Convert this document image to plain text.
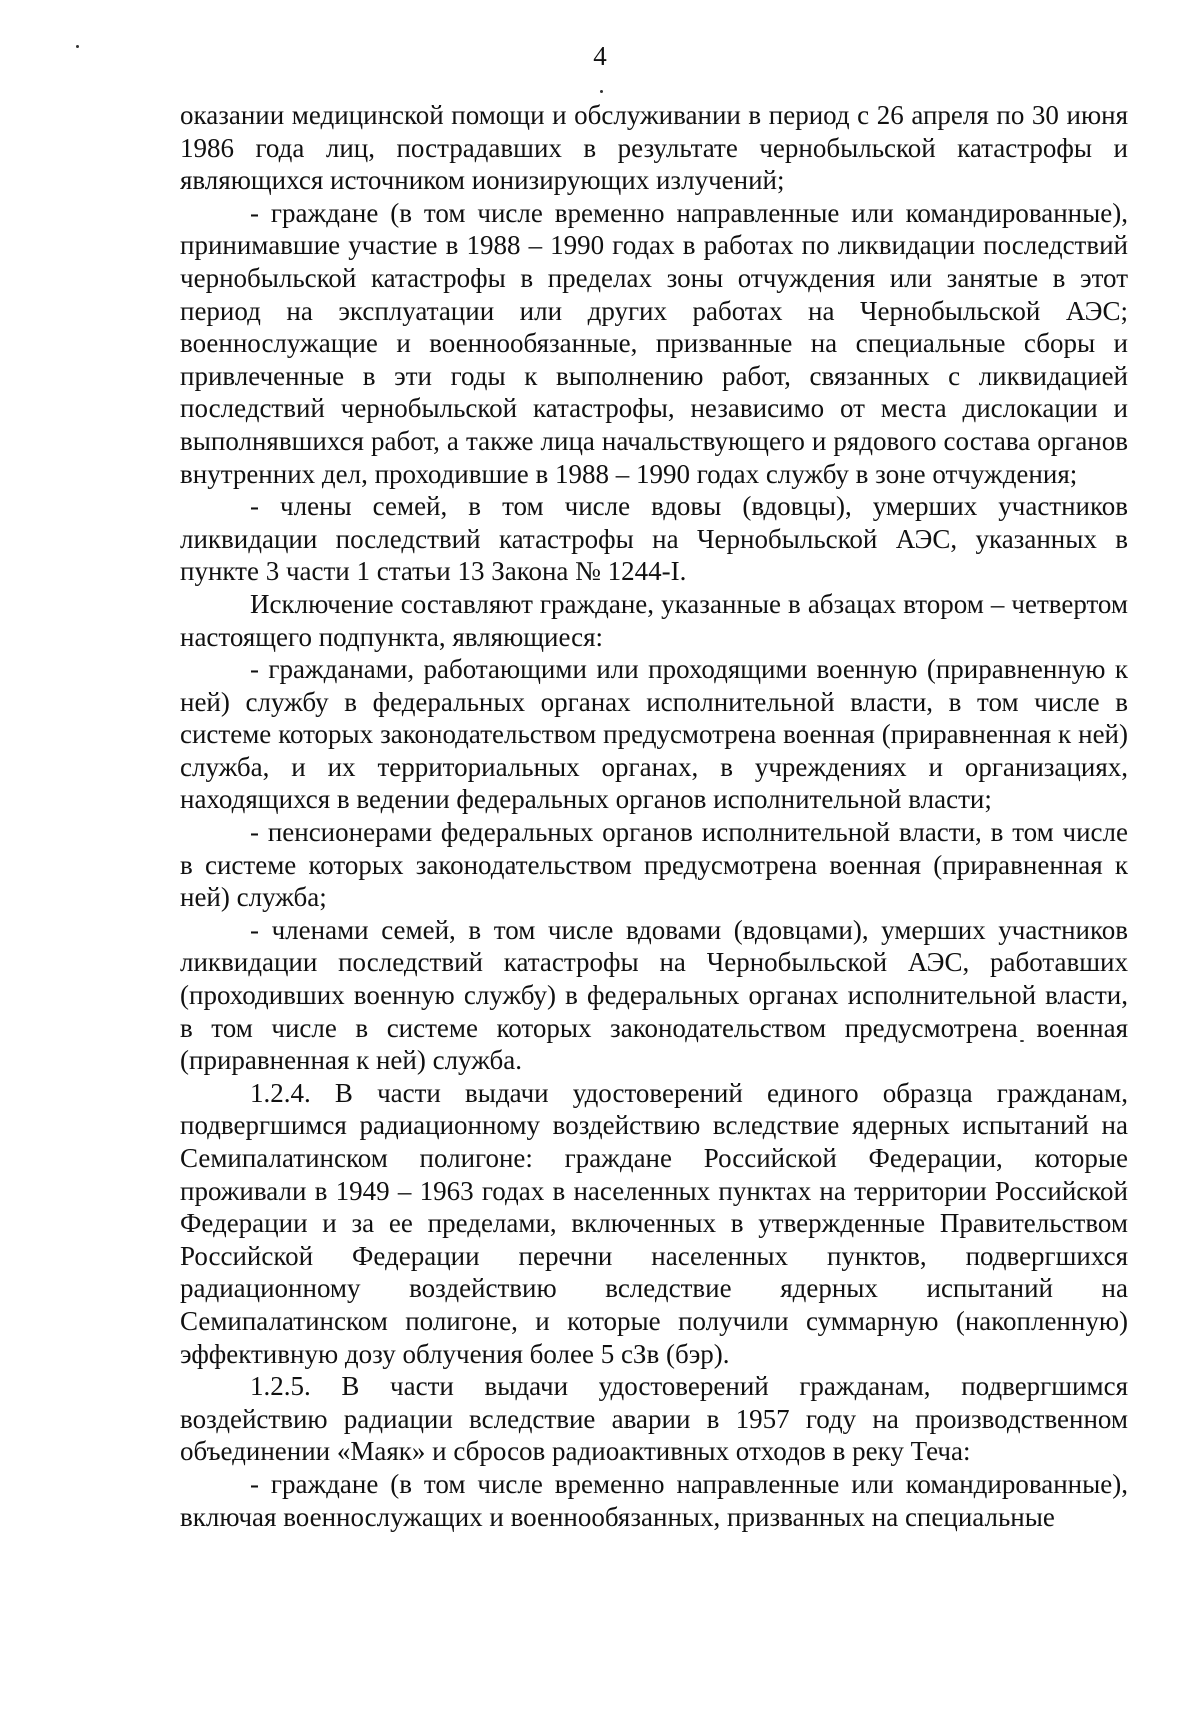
4

оказании медицинской помощи и обслуживании в период с 26 апреля по 30 июня 1986 года лиц, пострадавших в результате чернобыльской катастрофы и являющихся источником ионизирующих излучений;

- граждане (в том числе временно направленные или командированные), принимавшие участие в 1988 – 1990 годах в работах по ликвидации последствий чернобыльской катастрофы в пределах зоны отчуждения или занятые в этот период на эксплуатации или других работах на Чернобыльской АЭС; военнослужащие и военнообязанные, призванные на специальные сборы и привлеченные в эти годы к выполнению работ, связанных с ликвидацией последствий чернобыльской катастрофы, независимо от места дислокации и выполнявшихся работ, а также лица начальствующего и рядового состава органов внутренних дел, проходившие в 1988 – 1990 годах службу в зоне отчуждения;

- члены семей, в том числе вдовы (вдовцы), умерших участников ликвидации последствий катастрофы на Чернобыльской АЭС, указанных в пункте 3 части 1 статьи 13 Закона № 1244-I.

Исключение составляют граждане, указанные в абзацах втором – четвертом настоящего подпункта, являющиеся:

- гражданами, работающими или проходящими военную (приравненную к ней) службу в федеральных органах исполнительной власти, в том числе в системе которых законодательством предусмотрена военная (приравненная к ней) служба, и их территориальных органах, в учреждениях и организациях, находящихся в ведении федеральных органов исполнительной власти;

- пенсионерами федеральных органов исполнительной власти, в том числе в системе которых законодательством предусмотрена военная (приравненная к ней) служба;

- членами семей, в том числе вдовами (вдовцами), умерших участников ликвидации последствий катастрофы на Чернобыльской АЭС, работавших (проходивших военную службу) в федеральных органах исполнительной власти, в том числе в системе которых законодательством предусмотрена военная (приравненная к ней) служба.

1.2.4. В части выдачи удостоверений единого образца гражданам, подвергшимся радиационному воздействию вследствие ядерных испытаний на Семипалатинском полигоне: граждане Российской Федерации, которые проживали в 1949 – 1963 годах в населенных пунктах на территории Российской Федерации и за ее пределами, включенных в утвержденные Правительством Российской Федерации перечни населенных пунктов, подвергшихся радиационному воздействию вследствие ядерных испытаний на Семипалатинском полигоне, и которые получили суммарную (накопленную) эффективную дозу облучения более 5 сЗв (бэр).

1.2.5. В части выдачи удостоверений гражданам, подвергшимся воздействию радиации вследствие аварии в 1957 году на производственном объединении «Маяк» и сбросов радиоактивных отходов в реку Теча:

- граждане (в том числе временно направленные или командированные), включая военнослужащих и военнообязанных, призванных на специальные
